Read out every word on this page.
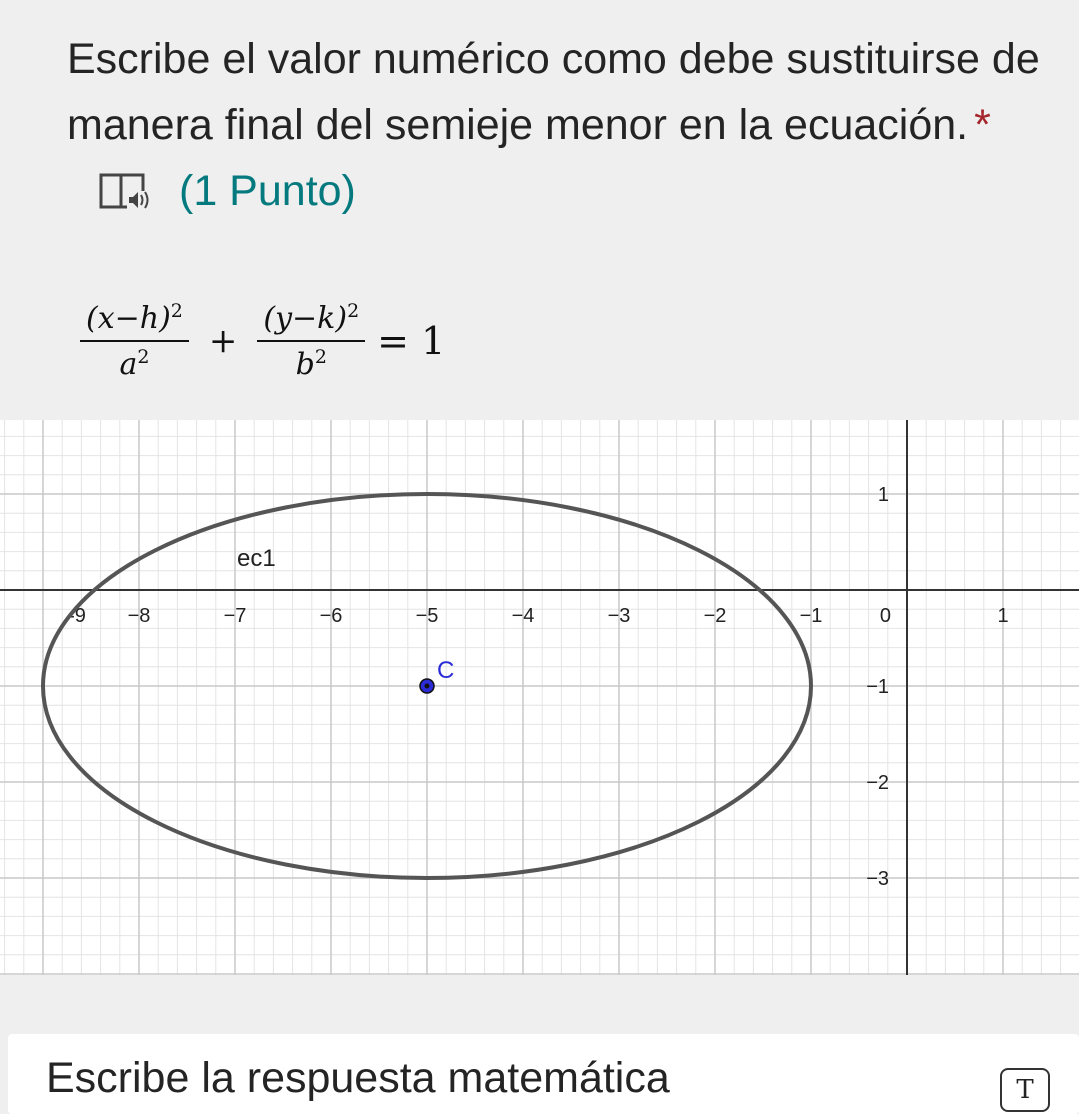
Escribe el valor numérico como debe sustituirse de manera final del semieje menor en la ecuación. * (1 Punto)
$\frac{(x-h)^2}{a^2} + \frac{(y-k)^2}{b^2} = 1$
-9 −8	−7	−6	−5	−4	−3	−2	−1	0	1
1
−1
−2
−3
ec1
C
Escribe la respuesta matemática	T
